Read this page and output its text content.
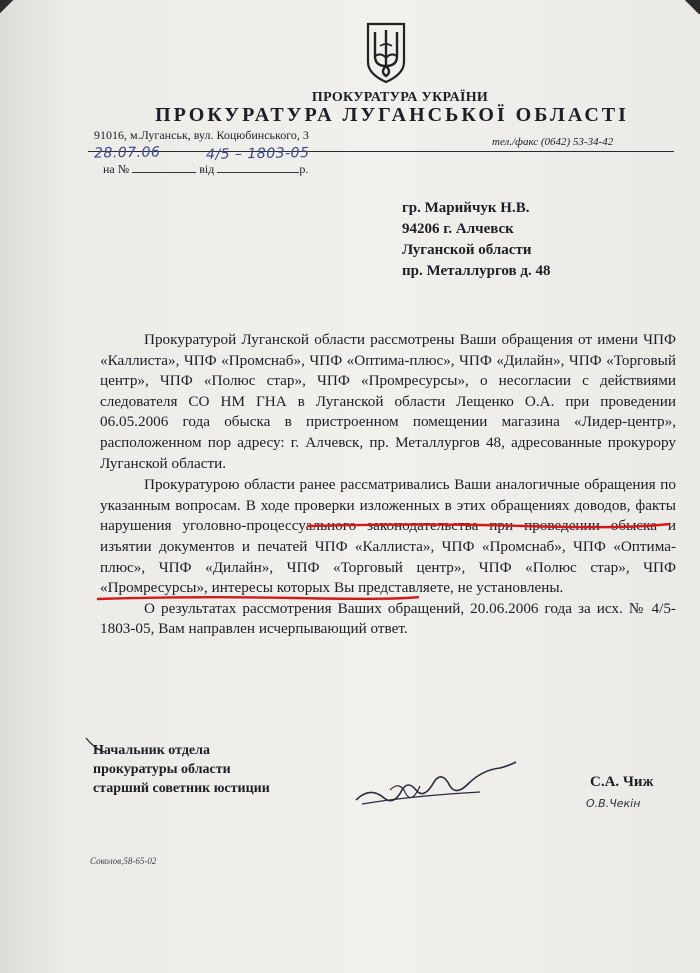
ПРОКУРАТУРА УКРАЇНИ
ПРОКУРАТУРА ЛУГАНСЬКОЇ ОБЛАСТІ
91016, м.Луганськ, вул. Коцюбинського, 3	тел./факс (0642) 53-34-42
28.07.06	4/5 – 1803-05
на №	від	р.
гр. Марийчук Н.В.
94206 г. Алчевск
Луганской области
пр. Металлургов д. 48

Прокуратурой Луганской области рассмотрены Ваши обращения от имени ЧПФ «Каллиста», ЧПФ «Промснаб», ЧПФ «Оптима-плюс», ЧПФ «Дилайн», ЧПФ «Торговый центр», ЧПФ «Полюс стар», ЧПФ «Промресурсы», о несогласии с действиями следователя СО НМ ГНА в Луганской области Лещенко О.А. при проведении 06.05.2006 года обыска в пристроенном помещении магазина «Лидер-центр», расположенном пор адресу: г. Алчевск, пр. Металлургов 48, адресованные прокурору Луганской области.

Прокуратурою области ранее рассматривались Ваши аналогичные обращения по указанным вопросам. В ходе проверки изложенных в этих обращениях доводов, факты нарушения уголовно-процессуального законодательства при проведении обыска и изъятии документов и печатей ЧПФ «Каллиста», ЧПФ «Промснаб», ЧПФ «Оптима-плюс», ЧПФ «Дилайн», ЧПФ «Торговый центр», ЧПФ «Полюс стар», ЧПФ «Промресурсы», интересы которых Вы представляете, не установлены.

О результатах рассмотрения Ваших обращений, 20.06.2006 года за исх. № 4/5-1803-05, Вам направлен исчерпывающий ответ.

Начальник отдела
прокуратуры области
старший советник юстиции	С.А. Чиж
О.В.Чекін
Соколов,58-65-02
